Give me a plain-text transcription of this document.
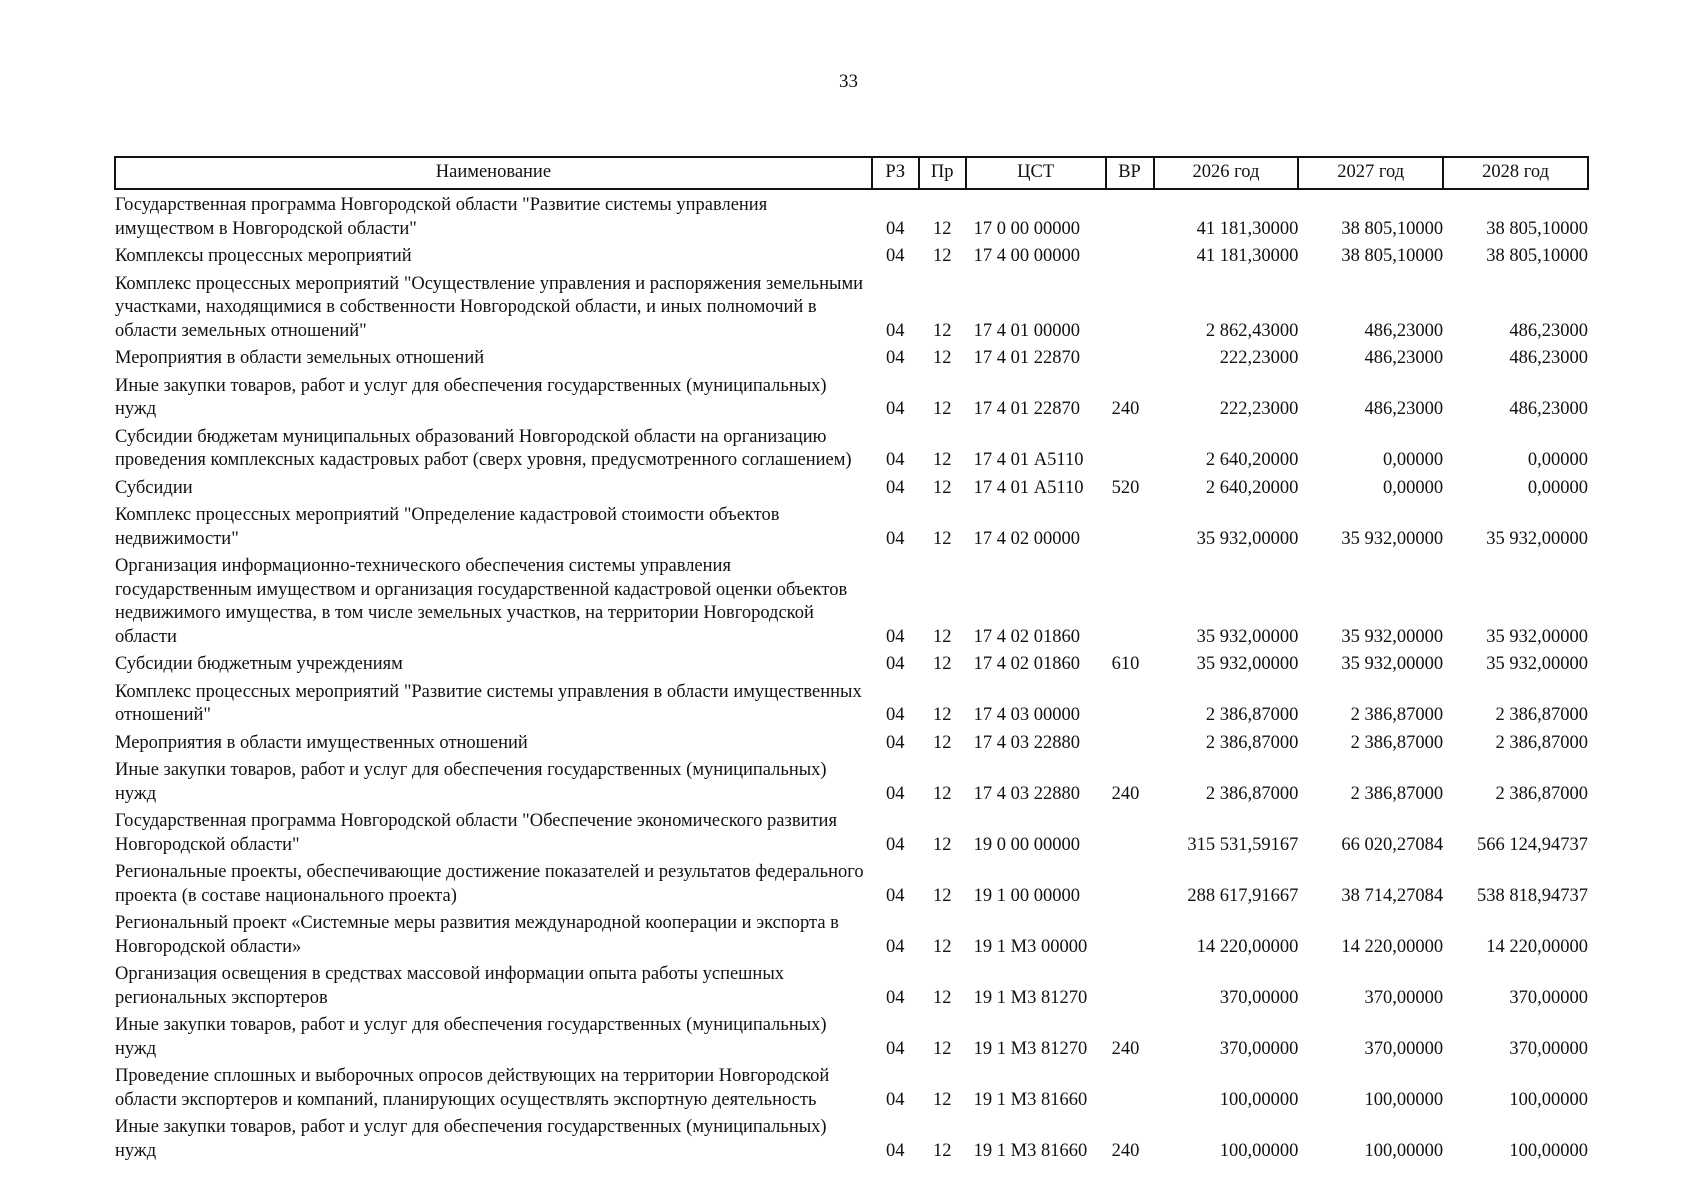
33
Наименование	РЗ	Пр	ЦСТ	ВР	2026 год	2027 год	2028 год
Государственная программа Новгородской области "Развитие системы управления имуществом в Новгородской области"	04	12	17 0 00 00000		41 181,30000	38 805,10000	38 805,10000
Комплексы процессных мероприятий	04	12	17 4 00 00000		41 181,30000	38 805,10000	38 805,10000
Комплекс процессных мероприятий "Осуществление управления и распоряжения земельными участками, находящимися в собственности Новгородской области, и иных полномочий в области земельных отношений"	04	12	17 4 01 00000		2 862,43000	486,23000	486,23000
Мероприятия в области земельных отношений	04	12	17 4 01 22870		222,23000	486,23000	486,23000
Иные закупки товаров, работ и услуг для обеспечения государственных (муниципальных) нужд	04	12	17 4 01 22870	240	222,23000	486,23000	486,23000
Субсидии бюджетам муниципальных образований Новгородской области на организацию проведения комплексных кадастровых работ (сверх уровня, предусмотренного соглашением)	04	12	17 4 01 А5110		2 640,20000	0,00000	0,00000
Субсидии	04	12	17 4 01 А5110	520	2 640,20000	0,00000	0,00000
Комплекс процессных мероприятий "Определение кадастровой стоимости объектов недвижимости"	04	12	17 4 02 00000		35 932,00000	35 932,00000	35 932,00000
Организация информационно-технического обеспечения системы управления государственным имуществом и организация государственной кадастровой оценки объектов недвижимого имущества, в том числе земельных участков, на территории Новгородской области	04	12	17 4 02 01860		35 932,00000	35 932,00000	35 932,00000
Субсидии бюджетным учреждениям	04	12	17 4 02 01860	610	35 932,00000	35 932,00000	35 932,00000
Комплекс процессных мероприятий "Развитие системы управления в области имущественных отношений"	04	12	17 4 03 00000		2 386,87000	2 386,87000	2 386,87000
Мероприятия в области имущественных отношений	04	12	17 4 03 22880		2 386,87000	2 386,87000	2 386,87000
Иные закупки товаров, работ и услуг для обеспечения государственных (муниципальных) нужд	04	12	17 4 03 22880	240	2 386,87000	2 386,87000	2 386,87000
Государственная программа Новгородской области "Обеспечение экономического развития Новгородской области"	04	12	19 0 00 00000		315 531,59167	66 020,27084	566 124,94737
Региональные проекты, обеспечивающие достижение показателей и результатов федерального проекта (в составе национального проекта)	04	12	19 1 00 00000		288 617,91667	38 714,27084	538 818,94737
Региональный проект «Системные меры развития международной кооперации и экспорта в Новгородской области»	04	12	19 1 М3 00000		14 220,00000	14 220,00000	14 220,00000
Организация освещения в средствах массовой информации опыта работы успешных региональных экспортеров	04	12	19 1 М3 81270		370,00000	370,00000	370,00000
Иные закупки товаров, работ и услуг для обеспечения государственных (муниципальных) нужд	04	12	19 1 М3 81270	240	370,00000	370,00000	370,00000
Проведение сплошных и выборочных опросов действующих на территории Новгородской области экспортеров и компаний, планирующих осуществлять экспортную деятельность	04	12	19 1 М3 81660		100,00000	100,00000	100,00000
Иные закупки товаров, работ и услуг для обеспечения государственных (муниципальных) нужд	04	12	19 1 М3 81660	240	100,00000	100,00000	100,00000
